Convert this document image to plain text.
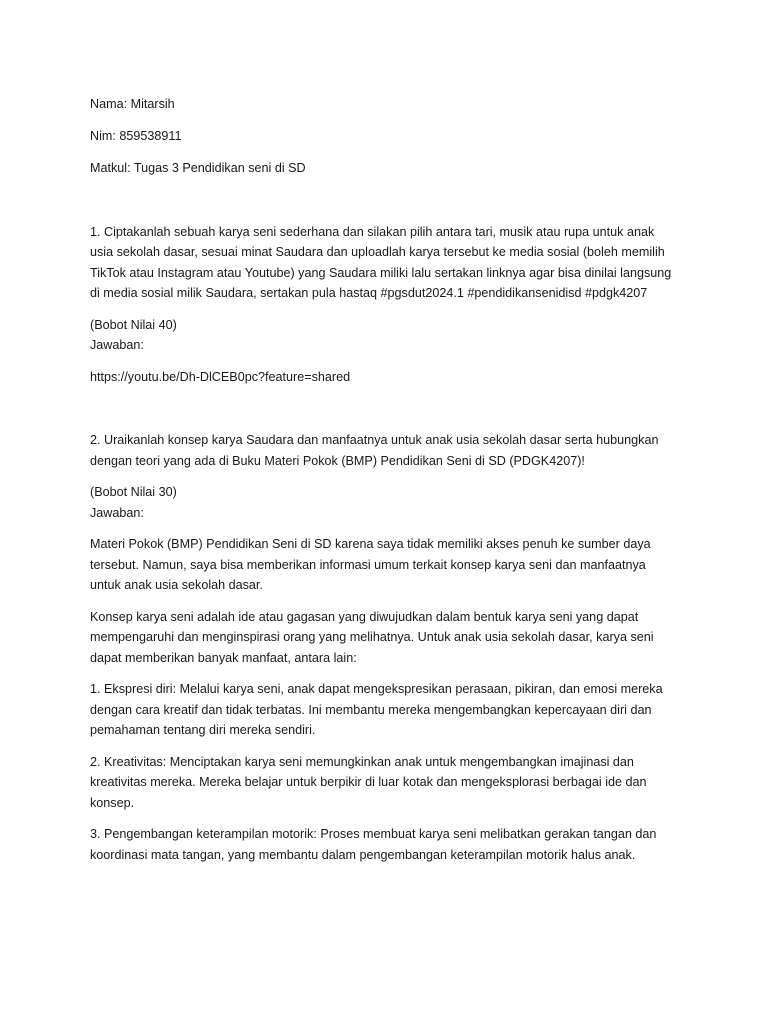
Nama: Mitarsih

Nim: 859538911

Matkul: Tugas 3 Pendidikan seni di SD

1. Ciptakanlah sebuah karya seni sederhana dan silakan pilih antara tari, musik atau rupa untuk anak

usia sekolah dasar, sesuai minat Saudara dan uploadlah karya tersebut ke media sosial (boleh memilih

TikTok atau Instagram atau Youtube) yang Saudara miliki lalu sertakan linknya agar bisa dinilai langsung

di media sosial milik Saudara, sertakan pula hastaq #pgsdut2024.1 #pendidikansenidisd #pdgk4207

(Bobot Nilai 40)

Jawaban:

https://youtu.be/Dh-DlCEB0pc?feature=shared

2. Uraikanlah konsep karya Saudara dan manfaatnya untuk anak usia sekolah dasar serta hubungkan

dengan teori yang ada di Buku Materi Pokok (BMP) Pendidikan Seni di SD (PDGK4207)!

(Bobot Nilai 30)

Jawaban:

Materi Pokok (BMP) Pendidikan Seni di SD karena saya tidak memiliki akses penuh ke sumber daya

tersebut. Namun, saya bisa memberikan informasi umum terkait konsep karya seni dan manfaatnya

untuk anak usia sekolah dasar.

Konsep karya seni adalah ide atau gagasan yang diwujudkan dalam bentuk karya seni yang dapat

mempengaruhi dan menginspirasi orang yang melihatnya. Untuk anak usia sekolah dasar, karya seni

dapat memberikan banyak manfaat, antara lain:

1. Ekspresi diri: Melalui karya seni, anak dapat mengekspresikan perasaan, pikiran, dan emosi mereka

dengan cara kreatif dan tidak terbatas. Ini membantu mereka mengembangkan kepercayaan diri dan

pemahaman tentang diri mereka sendiri.

2. Kreativitas: Menciptakan karya seni memungkinkan anak untuk mengembangkan imajinasi dan

kreativitas mereka. Mereka belajar untuk berpikir di luar kotak dan mengeksplorasi berbagai ide dan

konsep.

3. Pengembangan keterampilan motorik: Proses membuat karya seni melibatkan gerakan tangan dan

koordinasi mata tangan, yang membantu dalam pengembangan keterampilan motorik halus anak.
